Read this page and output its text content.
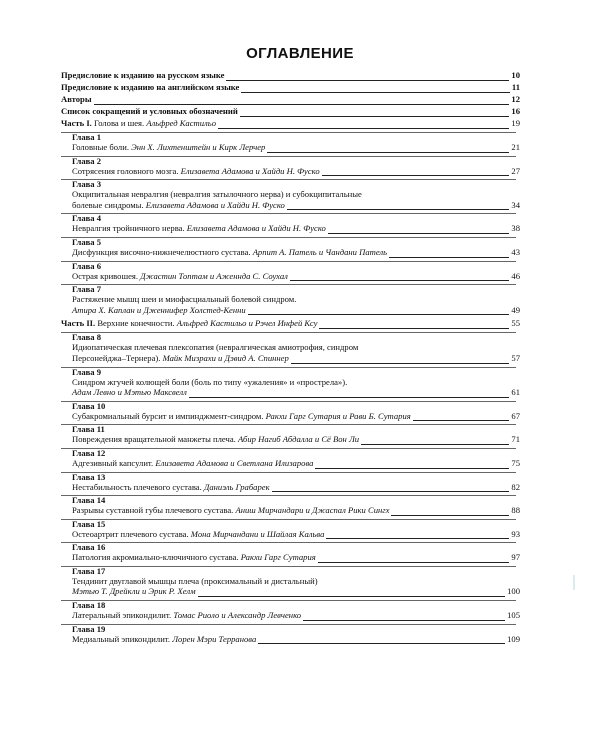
ОГЛАВЛЕНИЕ
Предисловие к изданию на русском языке	10
Предисловие к изданию на английском языке	11
Авторы	12
Список сокращений и условных обозначений	16
Часть I. Голова и шея. Альфред Кастильо	19
Глава 1
Головные боли. Энн Х. Лихтенштейн и Кирк Лерчер	21
Глава 2
Сотрясения головного мозга. Елизавета Адамова и Хайди Н. Фуско	27
Глава 3
Окципитальная невралгия (невралгия затылочного нерва) и субокципитальные
болевые синдромы. Елизавета Адамова и Хайди Н. Фуско	34
Глава 4
Невралгия тройничного нерва. Елизавета Адамова и Хайди Н. Фуско	38
Глава 5
Дисфункция височно-нижнечелюстного сустава. Арпит А. Патель и Чандани Патель	43
Глава 6
Острая кривошея. Джастин Топтам и Аженнда С. Соухал	46
Глава 7
Растяжение мышц шеи и миофасциальный болевой синдром.
Атира Х. Каплан и Дженнифер Холстед-Кенни	49
Часть II. Верхние конечности. Альфред Кастильо и Рэчел Инфей Ксу	55
Глава 8
Идиопатическая плечевая плексопатия (невралгическая амиотрофия, синдром
Персонейджа–Тернера). Майк Мизрахи и Дэвид А. Спиннер	57
Глава 9
Синдром жгучей колющей боли (боль по типу «ужаления» и «прострела»).
Адам Левно и Мэтью Максвелл	61
Глава 10
Субакромиальный бурсит и импинджмент-синдром. Ракхи Гарг Сутария и Рави Б. Сутария	67
Глава 11
Повреждения вращательной манжеты плеча. Абир Нагиб Абдалла и Сё Вон Ли	71
Глава 12
Адгезивный капсулит. Елизавета Адамова и Светлана Илизарова	75
Глава 13
Нестабильность плечевого сустава. Даниэль Грабарек	82
Глава 14
Разрывы суставной губы плечевого сустава. Аниш Мирчандари и Джаспал Рики Сингх	88
Глава 15
Остеоартрит плечевого сустава. Мона Мирчандани и Шайлая Кальва	93
Глава 16
Патология акромиально-ключичного сустава. Ракхи Гарг Сутария	97
Глава 17
Тендинит двуглавой мышцы плеча (проксимальный и дистальный)
Мэтью Т. Дрейкли и Эрик Р. Хелм	100
Глава 18
Латеральный эпикондилит. Томас Риоло и Александр Левченко	105
Глава 19
Медиальный эпикондилит. Лорен Мэри Терранова	109
